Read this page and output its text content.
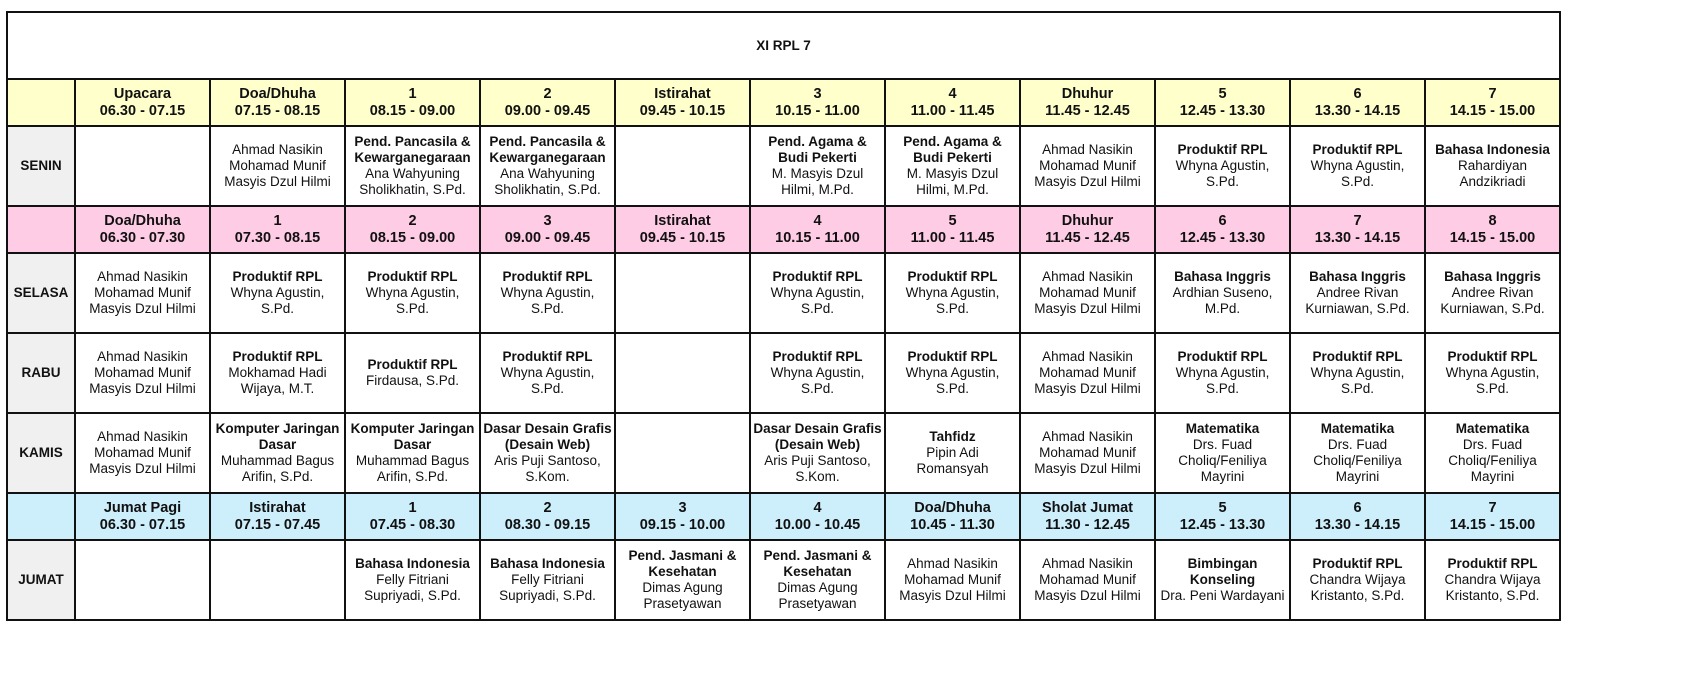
XI RPL 7											

	Upacara
06.30 - 07.15	Doa/Dhuha
07.15 - 08.15	1
08.15 - 09.00	2
09.00 - 09.45	Istirahat
09.45 - 10.15	3
10.15 - 11.00	4
11.00 - 11.45	Dhuhur
11.45 - 12.45	5
12.45 - 13.30	6
13.30 - 14.15	7
14.15 - 15.00

SENIN		Ahmad Nasikin
Mohamad Munif
Masyis Dzul Hilmi	Pend. Pancasila &
Kewarganegaraan
Ana Wahyuning
Sholikhatin, S.Pd.	Pend. Pancasila &
Kewarganegaraan
Ana Wahyuning
Sholikhatin, S.Pd.		Pend. Agama &
Budi Pekerti
M. Masyis Dzul
Hilmi, M.Pd.	Pend. Agama &
Budi Pekerti
M. Masyis Dzul
Hilmi, M.Pd.	Ahmad Nasikin
Mohamad Munif
Masyis Dzul Hilmi	Produktif RPL
Whyna Agustin,
S.Pd.	Produktif RPL
Whyna Agustin,
S.Pd.	Bahasa Indonesia
Rahardiyan
Andzikriadi

	Doa/Dhuha
06.30 - 07.30	1
07.30 - 08.15	2
08.15 - 09.00	3
09.00 - 09.45	Istirahat
09.45 - 10.15	4
10.15 - 11.00	5
11.00 - 11.45	Dhuhur
11.45 - 12.45	6
12.45 - 13.30	7
13.30 - 14.15	8
14.15 - 15.00

SELASA	Ahmad Nasikin
Mohamad Munif
Masyis Dzul Hilmi	Produktif RPL
Whyna Agustin,
S.Pd.	Produktif RPL
Whyna Agustin,
S.Pd.	Produktif RPL
Whyna Agustin,
S.Pd.		Produktif RPL
Whyna Agustin,
S.Pd.	Produktif RPL
Whyna Agustin,
S.Pd.	Ahmad Nasikin
Mohamad Munif
Masyis Dzul Hilmi	Bahasa Inggris
Ardhian Suseno,
M.Pd.	Bahasa Inggris
Andree Rivan
Kurniawan, S.Pd.	Bahasa Inggris
Andree Rivan
Kurniawan, S.Pd.

RABU	Ahmad Nasikin
Mohamad Munif
Masyis Dzul Hilmi	Produktif RPL
Mokhamad Hadi
Wijaya, M.T.	Produktif RPL
Firdausa, S.Pd.	Produktif RPL
Whyna Agustin,
S.Pd.		Produktif RPL
Whyna Agustin,
S.Pd.	Produktif RPL
Whyna Agustin,
S.Pd.	Ahmad Nasikin
Mohamad Munif
Masyis Dzul Hilmi	Produktif RPL
Whyna Agustin,
S.Pd.	Produktif RPL
Whyna Agustin,
S.Pd.	Produktif RPL
Whyna Agustin,
S.Pd.

KAMIS	Ahmad Nasikin
Mohamad Munif
Masyis Dzul Hilmi	Komputer Jaringan
Dasar
Muhammad Bagus
Arifin, S.Pd.	Komputer Jaringan
Dasar
Muhammad Bagus
Arifin, S.Pd.	Dasar Desain Grafis
(Desain Web)
Aris Puji Santoso,
S.Kom.		Dasar Desain Grafis
(Desain Web)
Aris Puji Santoso,
S.Kom.	Tahfidz
Pipin Adi
Romansyah	Ahmad Nasikin
Mohamad Munif
Masyis Dzul Hilmi	Matematika
Drs. Fuad
Choliq/Feniliya
Mayrini	Matematika
Drs. Fuad
Choliq/Feniliya
Mayrini	Matematika
Drs. Fuad
Choliq/Feniliya
Mayrini

	Jumat Pagi
06.30 - 07.15	Istirahat
07.15 - 07.45	1
07.45 - 08.30	2
08.30 - 09.15	3
09.15 - 10.00	4
10.00 - 10.45	Doa/Dhuha
10.45 - 11.30	Sholat Jumat
11.30 - 12.45	5
12.45 - 13.30	6
13.30 - 14.15	7
14.15 - 15.00

JUMAT			Bahasa Indonesia
Felly Fitriani
Supriyadi, S.Pd.	Bahasa Indonesia
Felly Fitriani
Supriyadi, S.Pd.	Pend. Jasmani &
Kesehatan
Dimas Agung
Prasetyawan	Pend. Jasmani &
Kesehatan
Dimas Agung
Prasetyawan	Ahmad Nasikin
Mohamad Munif
Masyis Dzul Hilmi	Ahmad Nasikin
Mohamad Munif
Masyis Dzul Hilmi	Bimbingan
Konseling
Dra. Peni Wardayani	Produktif RPL
Chandra Wijaya
Kristanto, S.Pd.	Produktif RPL
Chandra Wijaya
Kristanto, S.Pd.
